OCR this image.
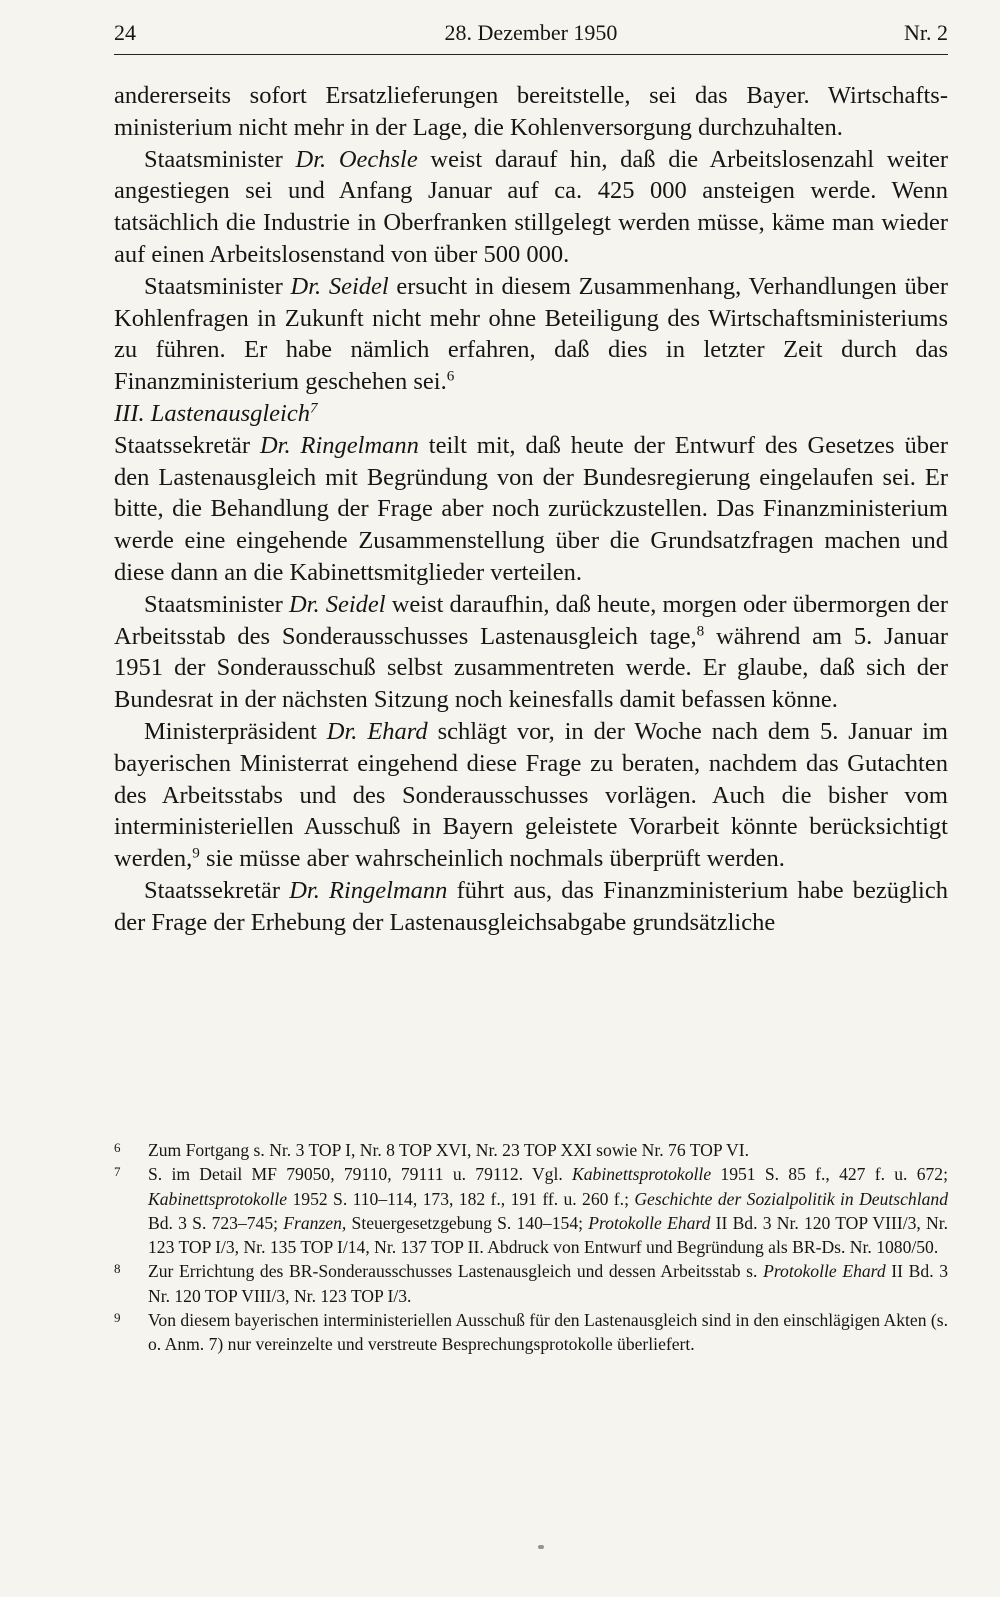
24	28. Dezember 1950	Nr. 2

andererseits sofort Ersatzlieferungen bereitstelle, sei das Bayer. Wirtschaftsministerium nicht mehr in der Lage, die Kohlenversorgung durchzuhalten.

Staatsminister Dr. Oechsle weist darauf hin, daß die Arbeitslosenzahl weiter angestiegen sei und Anfang Januar auf ca. 425 000 ansteigen werde. Wenn tatsächlich die Industrie in Oberfranken stillgelegt werden müsse, käme man wieder auf einen Arbeitslosenstand von über 500 000.

Staatsminister Dr. Seidel ersucht in diesem Zusammenhang, Verhandlungen über Kohlenfragen in Zukunft nicht mehr ohne Beteiligung des Wirtschaftsministeriums zu führen. Er habe nämlich erfahren, daß dies in letzter Zeit durch das Finanzministerium geschehen sei.$^6$

III. Lastenausgleich$^7$

Staatssekretär Dr. Ringelmann teilt mit, daß heute der Entwurf des Gesetzes über den Lastenausgleich mit Begründung von der Bundesregierung eingelaufen sei. Er bitte, die Behandlung der Frage aber noch zurückzustellen. Das Finanzministerium werde eine eingehende Zusammenstellung über die Grundsatzfragen machen und diese dann an die Kabinettsmitglieder verteilen.

Staatsminister Dr. Seidel weist daraufhin, daß heute, morgen oder übermorgen der Arbeitsstab des Sonderausschusses Lastenausgleich tage,$^8$ während am 5. Januar 1951 der Sonderausschuß selbst zusammentreten werde. Er glaube, daß sich der Bundesrat in der nächsten Sitzung noch keinesfalls damit befassen könne.

Ministerpräsident Dr. Ehard schlägt vor, in der Woche nach dem 5. Januar im bayerischen Ministerrat eingehend diese Frage zu beraten, nachdem das Gutachten des Arbeitsstabs und des Sonderausschusses vorlägen. Auch die bisher vom interministeriellen Ausschuß in Bayern geleistete Vorarbeit könnte berücksichtigt werden,$^9$ sie müsse aber wahrscheinlich nochmals überprüft werden.

Staatssekretär Dr. Ringelmann führt aus, das Finanzministerium habe bezüglich der Frage der Erhebung der Lastenausgleichsabgabe grundsätzliche

6 Zum Fortgang s. Nr. 3 TOP I, Nr. 8 TOP XVI, Nr. 23 TOP XXI sowie Nr. 76 TOP VI.

7 S. im Detail MF 79050, 79110, 79111 u. 79112. Vgl. Kabinettsprotokolle 1951 S. 85 f., 427 f. u. 672; Kabinettsprotokolle 1952 S. 110–114, 173, 182 f., 191 ff. u. 260 f.; Geschichte der Sozialpolitik in Deutschland Bd. 3 S. 723–745; Franzen, Steuergesetzgebung S. 140–154; Protokolle Ehard II Bd. 3 Nr. 120 TOP VIII/3, Nr. 123 TOP I/3, Nr. 135 TOP I/14, Nr. 137 TOP II. Abdruck von Entwurf und Begründung als BR-Ds. Nr. 1080/50.

8 Zur Errichtung des BR-Sonderausschusses Lastenausgleich und dessen Arbeitsstab s. Protokolle Ehard II Bd. 3 Nr. 120 TOP VIII/3, Nr. 123 TOP I/3.

9 Von diesem bayerischen interministeriellen Ausschuß für den Lastenausgleich sind in den einschlägigen Akten (s. o. Anm. 7) nur vereinzelte und verstreute Besprechungsprotokolle überliefert.
